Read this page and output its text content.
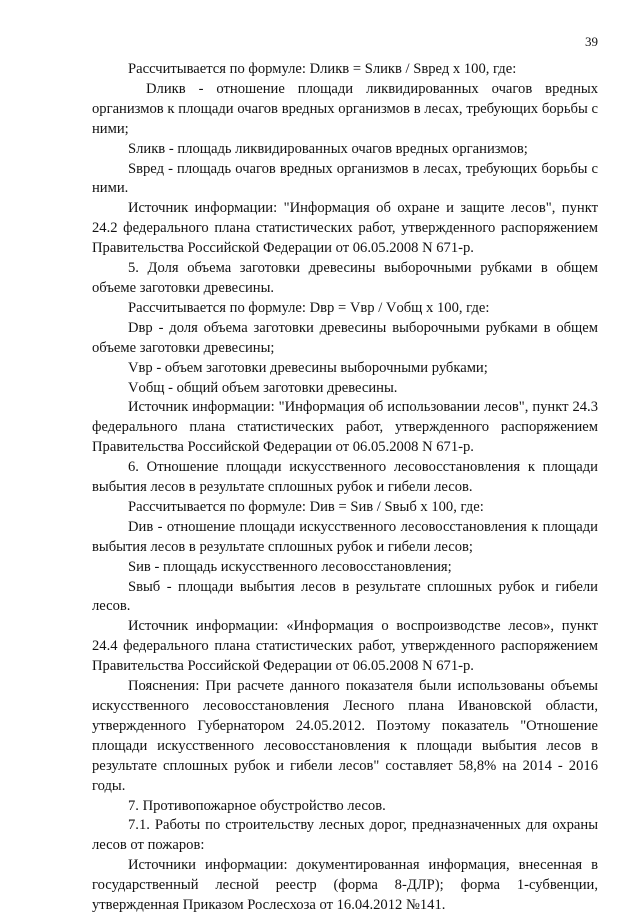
39

Рассчитывается по формуле: Dликв = Sликв / Sвред x 100, где:

Dликв - отношение площади ликвидированных очагов вредных организмов к площади очагов вредных организмов в лесах, требующих борьбы с ними;

Sликв - площадь ликвидированных очагов вредных организмов;

Sвред - площадь очагов вредных организмов в лесах, требующих борьбы с ними.

Источник информации: "Информация об охране и защите лесов", пункт 24.2 федерального плана статистических работ, утвержденного распоряжением Правительства Российской Федерации от 06.05.2008 N 671-р.

5. Доля объема заготовки древесины выборочными рубками в общем объеме заготовки древесины.

Рассчитывается по формуле: Dвр = Vвр / Vобщ x 100, где:

Dвр - доля объема заготовки древесины выборочными рубками в общем объеме заготовки древесины;

Vвр - объем заготовки древесины выборочными рубками;

Vобщ - общий объем заготовки древесины.

Источник информации: "Информация об использовании лесов", пункт 24.3 федерального плана статистических работ, утвержденного распоряжением Правительства Российской Федерации от 06.05.2008 N 671-р.

6. Отношение площади искусственного лесовосстановления к площади выбытия лесов в результате сплошных рубок и гибели лесов.

Рассчитывается по формуле: Dив = Sив / Sвыб x 100, где:

Dив - отношение площади искусственного лесовосстановления к площади выбытия лесов в результате сплошных рубок и гибели лесов;

Sив - площадь искусственного лесовосстановления;

Sвыб - площади выбытия лесов в результате сплошных рубок и гибели лесов.

Источник информации: «Информация о воспроизводстве лесов», пункт 24.4 федерального плана статистических работ, утвержденного распоряжением Правительства Российской Федерации от 06.05.2008 N 671-р.

Пояснения: При расчете данного показателя были использованы объемы искусственного лесовосстановления Лесного плана Ивановской области, утвержденного Губернатором 24.05.2012. Поэтому показатель "Отношение площади искусственного лесовосстановления к площади выбытия лесов в результате сплошных рубок и гибели лесов" составляет 58,8% на 2014 - 2016 годы.

7. Противопожарное обустройство лесов.

7.1. Работы по строительству лесных дорог, предназначенных для охраны лесов от пожаров:

Источники информации: документированная информация, внесенная в государственный лесной реестр (форма 8-ДЛР); форма 1-субвенции, утвержденная Приказом Рослесхоза от 16.04.2012 №141.
